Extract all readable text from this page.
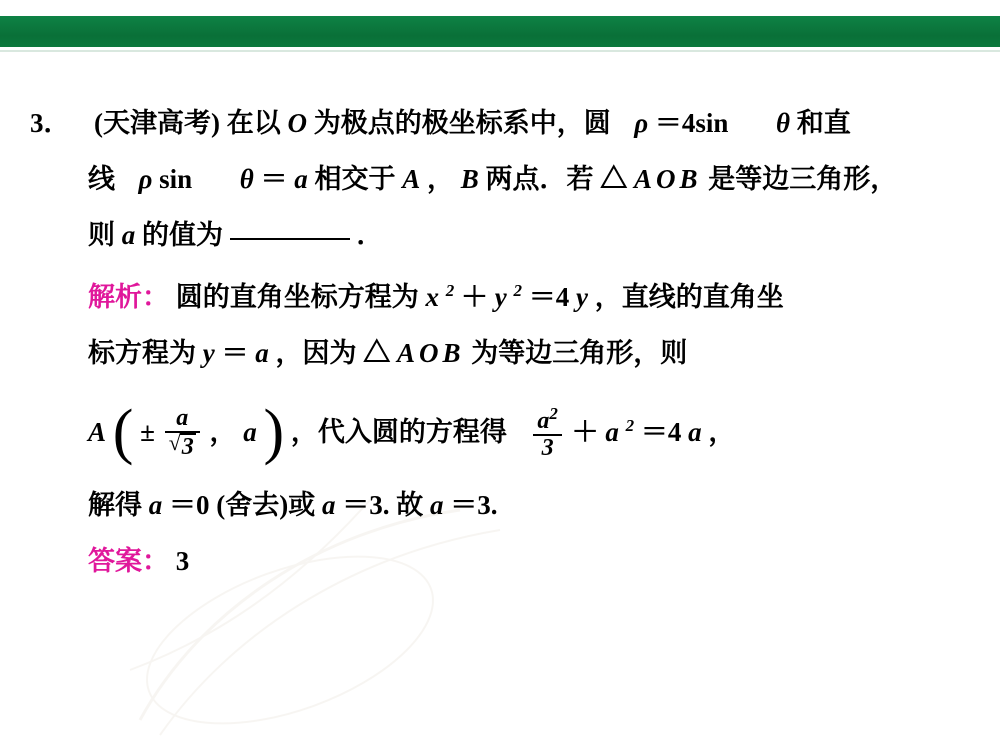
3． (天津高考) 在以 O 为极点的极坐标系中，圆 ρ ＝4sin θ 和直
线 ρ sin θ ＝ a 相交于 A ， B 两点．若 △ AOB 是等边三角形，
则 a 的值为	．
解析： 圆的直角坐标方程为 x $^2$ ＋ y $^2$ ＝4 y ，直线的直角坐
标方程为 y ＝ a ，因为 △ AOB 为等边三角形，则
A ( ± a
√ 3 ， a ) ，代入圆的方程得 $\frac{a^2}{3} + a$ $^2$ ＝4 a ，
解得 a ＝0 (舍去)或 a ＝3. 故 a ＝3.
答案： 3
